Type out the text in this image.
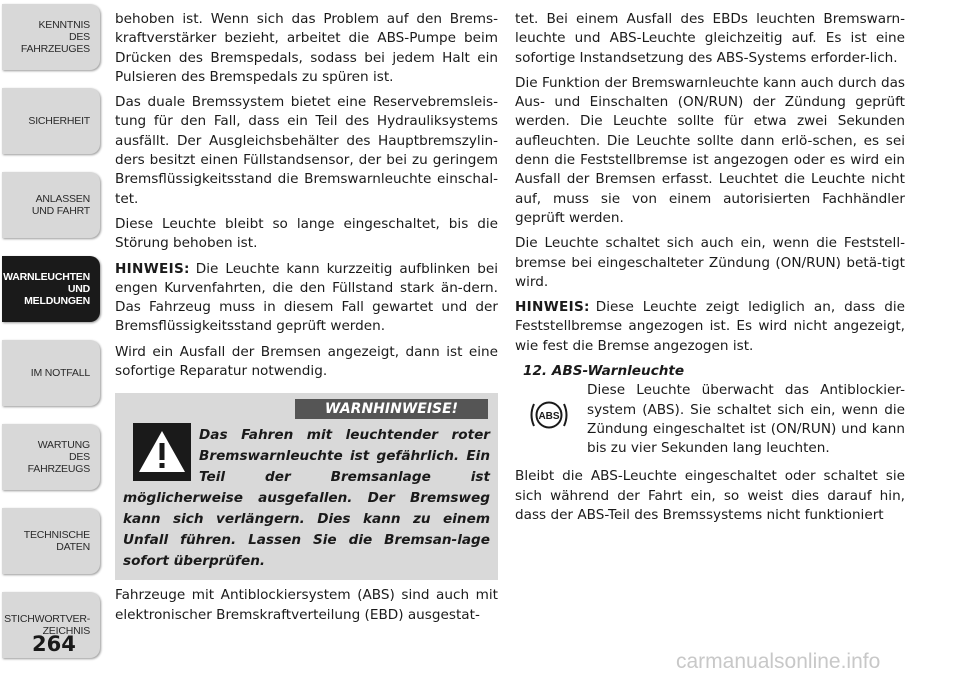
KENNTNIS
DES
FAHRZEUGES
SICHERHEIT
ANLASSEN
UND FAHRT
WARNLEUCHTEN
UND
MELDUNGEN
IM NOTFALL
WARTUNG
DES
FAHRZEUGS
TECHNISCHE
DATEN
STICHWORTVER-
ZEICHNIS
264

behoben ist. Wenn sich das Problem auf den Brems-kraftverstärker bezieht, arbeitet die ABS-Pumpe beim Drücken des Bremspedals, sodass bei jedem Halt ein Pulsieren des Bremspedals zu spüren ist.

Das duale Bremssystem bietet eine Reservebremsleis-tung für den Fall, dass ein Teil des Hydrauliksystems ausfällt. Der Ausgleichsbehälter des Hauptbremszylin-ders besitzt einen Füllstandsensor, der bei zu geringem Bremsflüssigkeitsstand die Bremswarnleuchte einschal-tet.

Diese Leuchte bleibt so lange eingeschaltet, bis die Störung behoben ist.

HINWEIS: Die Leuchte kann kurzzeitig aufblinken bei engen Kurvenfahrten, die den Füllstand stark än-dern. Das Fahrzeug muss in diesem Fall gewartet und der Bremsflüssigkeitsstand geprüft werden.

Wird ein Ausfall der Bremsen angezeigt, dann ist eine sofortige Reparatur notwendig.

WARNHINWEISE!
Das Fahren mit leuchtender roter Bremswarnleuchte ist gefährlich. Ein Teil der Bremsanlage ist möglicherweise ausgefallen. Der Bremsweg kann sich verlängern. Dies kann zu einem Unfall führen. Lassen Sie die Bremsan-lage sofort überprüfen.

Fahrzeuge mit Antiblockiersystem (ABS) sind auch mit elektronischer Bremskraftverteilung (EBD) ausgestat-

tet. Bei einem Ausfall des EBDs leuchten Bremswarn-leuchte und ABS-Leuchte gleichzeitig auf. Es ist eine sofortige Instandsetzung des ABS-Systems erforder-lich.

Die Funktion der Bremswarnleuchte kann auch durch das Aus- und Einschalten (ON/RUN) der Zündung geprüft werden. Die Leuchte sollte für etwa zwei Sekunden aufleuchten. Die Leuchte sollte dann erlö-schen, es sei denn die Feststellbremse ist angezogen oder es wird ein Ausfall der Bremsen erfasst. Leuchtet die Leuchte nicht auf, muss sie von einem autorisierten Fachhändler geprüft werden.

Die Leuchte schaltet sich auch ein, wenn die Feststell-bremse bei eingeschalteter Zündung (ON/RUN) betä-tigt wird.

HINWEIS: Diese Leuchte zeigt lediglich an, dass die Feststellbremse angezogen ist. Es wird nicht angezeigt, wie fest die Bremse angezogen ist.

12. ABS-Warnleuchte
ABS
Diese Leuchte überwacht das Antiblockier-system (ABS). Sie schaltet sich ein, wenn die Zündung eingeschaltet ist (ON/RUN) und kann bis zu vier Sekunden lang leuchten.

Bleibt die ABS-Leuchte eingeschaltet oder schaltet sie sich während der Fahrt ein, so weist dies darauf hin, dass der ABS-Teil des Bremssystems nicht funktioniert

carmanualsonline.info
